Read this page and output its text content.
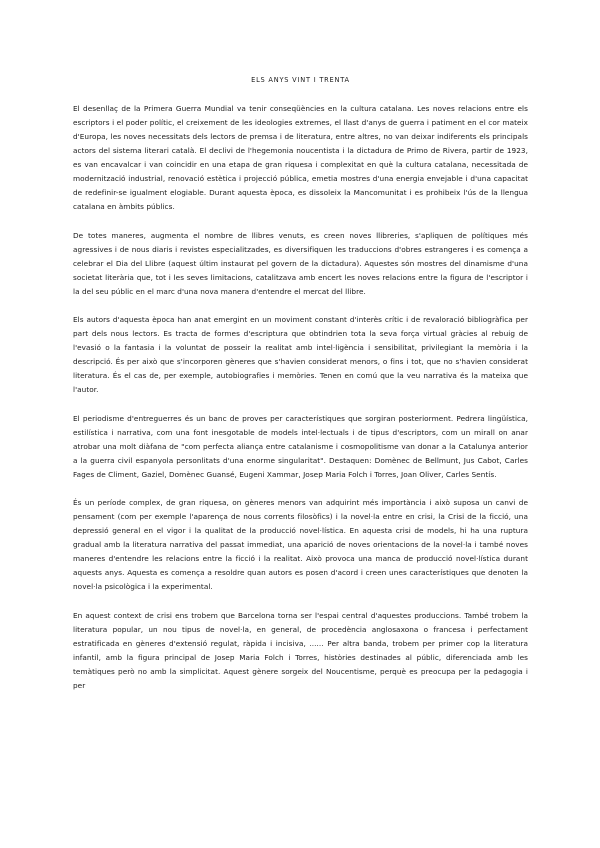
ELS ANYS VINT I TRENTA

El desenllaç de la Primera Guerra Mundial va tenir conseqüències en la cultura catalana. Les noves relacions entre els escriptors i el poder polític, el creixement de les ideologies extremes, el llast d'anys de guerra i patiment en el cor mateix d'Europa, les noves necessitats dels lectors de premsa i de literatura, entre altres, no van deixar indiferents els principals actors del sistema literari català. El declivi de l'hegemonia noucentista i la dictadura de Primo de Rivera, partir de 1923, es van encavalcar i van coincidir en una etapa de gran riquesa i complexitat en què la cultura catalana, necessitada de modernització industrial, renovació estètica i projecció pública, emetia mostres d'una energia envejable i d'una capacitat de redefinir-se igualment elogiable. Durant aquesta època, es dissoleix la Mancomunitat i es prohibeix l'ús de la llengua catalana en àmbits públics.

De totes maneres, augmenta el nombre de llibres venuts, es creen noves llibreries, s'apliquen de polítiques més agressives i de nous diaris i revistes especialitzades, es diversifiquen les traduccions d'obres estrangeres i es comença a celebrar el Dia del Llibre (aquest últim instaurat pel govern de la dictadura). Aquestes són mostres del dinamisme d'una societat literària que, tot i les seves limitacions, catalitzava amb encert les noves relacions entre la figura de l'escriptor i la del seu públic en el marc d'una nova manera d'entendre el mercat del llibre.

Els autors d'aquesta època han anat emergint en un moviment constant d'interès crític i de revaloració bibliogràfica per part dels nous lectors. Es tracta de formes d'escriptura que obtindrien tota la seva força virtual gràcies al rebuig de l'evasió o la fantasia i la voluntat de posseir la realitat amb intel·ligència i sensibilitat, privilegiant la memòria i la descripció. És per això que s'incorporen gèneres que s'havien considerat menors, o fins i tot, que no s'havien considerat literatura. És el cas de, per exemple, autobiografies i memòries. Tenen en comú que la veu narrativa és la mateixa que l'autor.

El periodisme d'entreguerres és un banc de proves per característiques que sorgiran posteriorment. Pedrera lingüística, estilística i narrativa, com una font inesgotable de models intel·lectuals i de tipus d'escriptors, com un mirall on anar atrobar una molt diàfana de "com perfecta aliança entre catalanisme i cosmopolitisme van donar a la Catalunya anterior a la guerra civil espanyola personlitats d'una enorme singularitat". Destaquen: Domènec de Bellmunt, Jus Cabot, Carles Fages de Climent, Gaziel, Domènec Guansé, Eugeni Xammar, Josep Maria Folch i Torres, Joan Oliver, Carles Sentís.

És un període complex, de gran riquesa, on gèneres menors van adquirint més importància i això suposa un canvi de pensament (com per exemple l'aparença de nous corrents filosòfics) i la novel·la entre en crisi, la Crisi de la ficció, una depressió general en el vigor i la qualitat de la producció novel·lística. En aquesta crisi de models, hi ha una ruptura gradual amb la literatura narrativa del passat immediat, una aparició de noves orientacions de la novel·la i també noves maneres d'entendre les relacions entre la ficció i la realitat. Això provoca una manca de producció novel·lística durant aquests anys. Aquesta es comença a resoldre quan autors es posen d'acord i creen unes característiques que denoten la novel·la psicològica i la experimental.

En aquest context de crisi ens trobem que Barcelona torna ser l'espai central d'aquestes produccions. També trobem la literatura popular, un nou tipus de novel·la, en general, de procedència anglosaxona o francesa i perfectament estratificada en gèneres d'extensió regulat, ràpida i incisiva, ...... Per altra banda, trobem per primer cop la literatura infantil, amb la figura principal de Josep Maria Folch i Torres, històries destinades al públic, diferenciada amb les temàtiques però no amb la simplicitat. Aquest gènere sorgeix del Noucentisme, perquè es preocupa per la pedagogia i per
